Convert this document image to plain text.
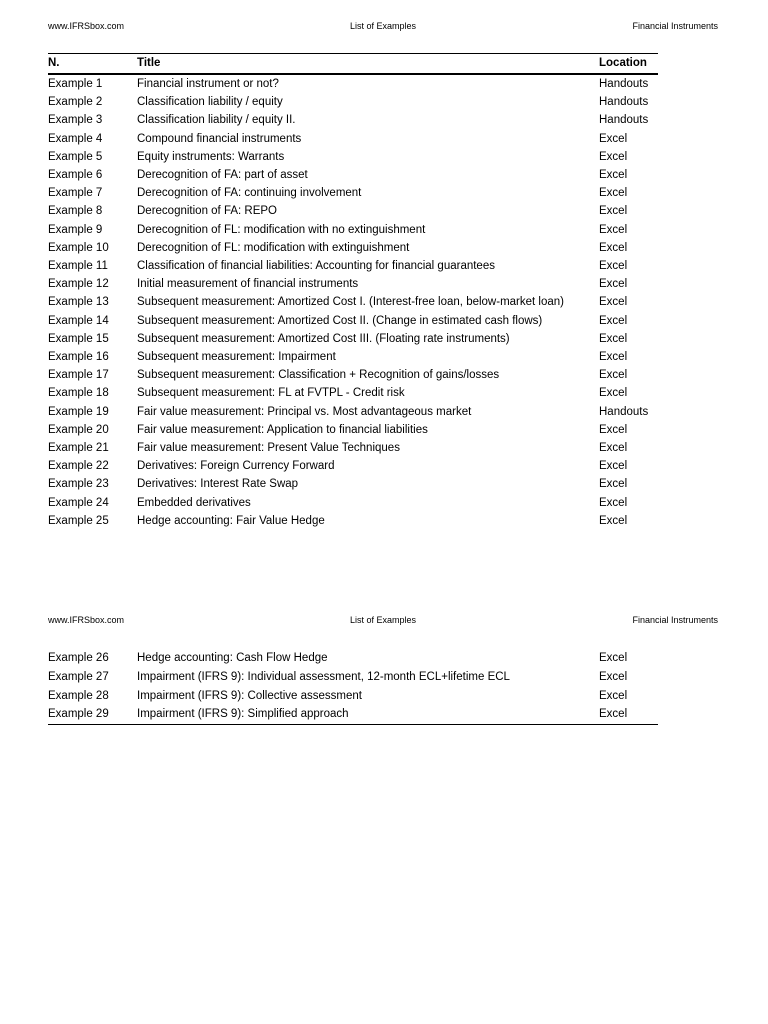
www.IFRSbox.com	List of Examples	Financial Instruments
N.	Title	Location
Example 1	Financial instrument or not?	Handouts
Example 2	Classification liability / equity	Handouts
Example 3	Classification liability / equity II.	Handouts
Example 4	Compound financial instruments	Excel
Example 5	Equity instruments: Warrants	Excel
Example 6	Derecognition of FA: part of asset	Excel
Example 7	Derecognition of FA: continuing involvement	Excel
Example 8	Derecognition of FA: REPO	Excel
Example 9	Derecognition of FL: modification with no extinguishment	Excel
Example 10	Derecognition of FL: modification with extinguishment	Excel
Example 11	Classification of financial liabilities: Accounting for financial guarantees	Excel
Example 12	Initial measurement of financial instruments	Excel
Example 13	Subsequent measurement: Amortized Cost I. (Interest-free loan, below-market loan)	Excel
Example 14	Subsequent measurement: Amortized Cost II. (Change in estimated cash flows)	Excel
Example 15	Subsequent measurement: Amortized Cost III. (Floating rate instruments)	Excel
Example 16	Subsequent measurement: Impairment	Excel
Example 17	Subsequent measurement: Classification + Recognition of gains/losses	Excel
Example 18	Subsequent measurement: FL at FVTPL - Credit risk	Excel
Example 19	Fair value measurement: Principal vs. Most advantageous market	Handouts
Example 20	Fair value measurement: Application to financial liabilities	Excel
Example 21	Fair value measurement: Present Value Techniques	Excel
Example 22	Derivatives: Foreign Currency Forward	Excel
Example 23	Derivatives: Interest Rate Swap	Excel
Example 24	Embedded derivatives	Excel
Example 25	Hedge accounting: Fair Value Hedge	Excel
www.IFRSbox.com	List of Examples	Financial Instruments
Example 26	Hedge accounting: Cash Flow Hedge	Excel
Example 27	Impairment (IFRS 9): Individual assessment, 12-month ECL+lifetime ECL	Excel
Example 28	Impairment (IFRS 9): Collective assessment	Excel
Example 29	Impairment (IFRS 9): Simplified approach	Excel
